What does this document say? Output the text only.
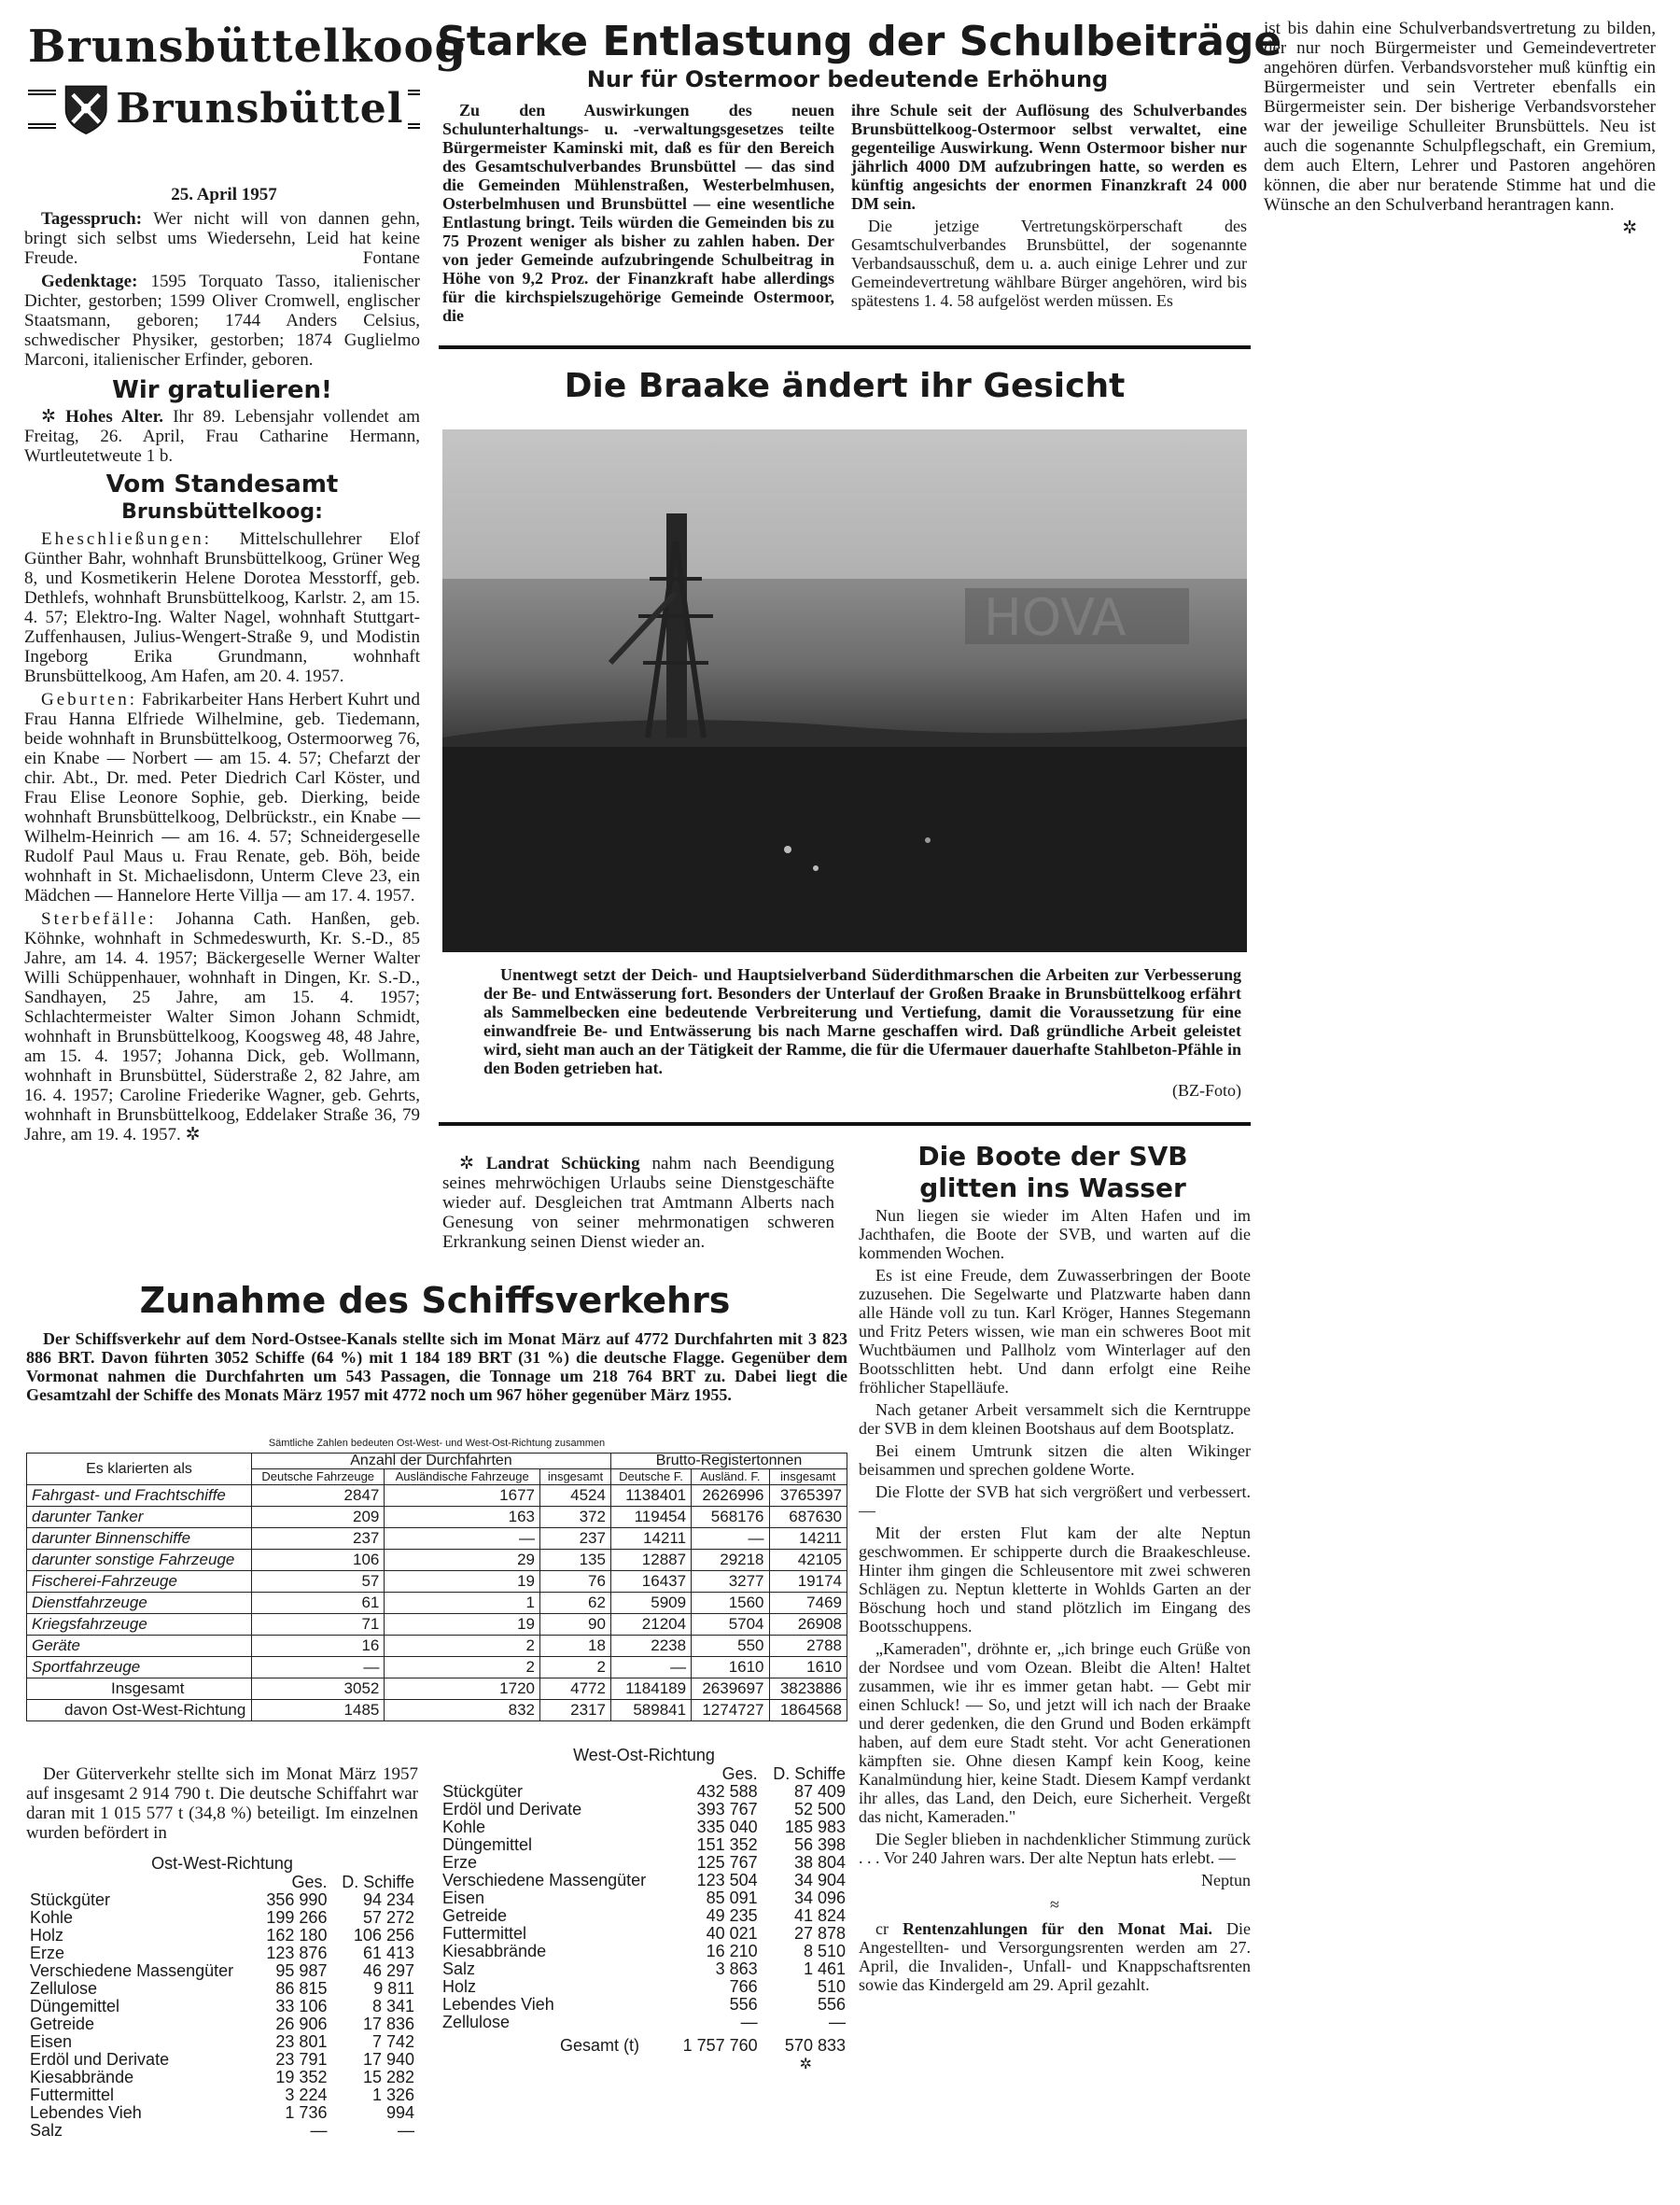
Brunsbüttelkoog
Brunsbüttel
25. April 1957

Tagesspruch: Wer nicht will von dannen gehn, bringt sich selbst ums Wiedersehn, Leid hat keine Freude.	Fontane

Gedenktage: 1595 Torquato Tasso, italienischer Dichter, gestorben; 1599 Oliver Cromwell, englischer Staatsmann, geboren; 1744 Anders Celsius, schwedischer Physiker, gestorben; 1874 Guglielmo Marconi, italienischer Erfinder, geboren.

Wir gratulieren!

✲ Hohes Alter. Ihr 89. Lebensjahr vollendet am Freitag, 26. April, Frau Catharine Hermann, Wurtleutetweute 1 b.

Vom Standesamt
Brunsbüttelkoog:

Eheschließungen: Mittelschullehrer Elof Günther Bahr, wohnhaft Brunsbüttelkoog, Grüner Weg 8, und Kosmetikerin Helene Dorotea Messtorff, geb. Dethlefs, wohnhaft Brunsbüttelkoog, Karlstr. 2, am 15. 4. 57; Elektro-Ing. Walter Nagel, wohnhaft Stuttgart-Zuffenhausen, Julius-Wengert-Straße 9, und Modistin Ingeborg Erika Grundmann, wohnhaft Brunsbüttelkoog, Am Hafen, am 20. 4. 1957.

Geburten: Fabrikarbeiter Hans Herbert Kuhrt und Frau Hanna Elfriede Wilhelmine, geb. Tiedemann, beide wohnhaft in Brunsbüttelkoog, Ostermoorweg 76, ein Knabe — Norbert — am 15. 4. 57; Chefarzt der chir. Abt., Dr. med. Peter Diedrich Carl Köster, und Frau Elise Leonore Sophie, geb. Dierking, beide wohnhaft Brunsbüttelkoog, Delbrückstr., ein Knabe — Wilhelm-Heinrich — am 16. 4. 57; Schneidergeselle Rudolf Paul Maus u. Frau Renate, geb. Böh, beide wohnhaft in St. Michaelisdonn, Unterm Cleve 23, ein Mädchen — Hannelore Herte Villja — am 17. 4. 1957.

Sterbefälle: Johanna Cath. Hanßen, geb. Köhnke, wohnhaft in Schmedeswurth, Kr. S.-D., 85 Jahre, am 14. 4. 1957; Bäckergeselle Werner Walter Willi Schüppenhauer, wohnhaft in Dingen, Kr. S.-D., Sandhayen, 25 Jahre, am 15. 4. 1957; Schlachtermeister Walter Simon Johann Schmidt, wohnhaft in Brunsbüttelkoog, Koogsweg 48, 48 Jahre, am 15. 4. 1957; Johanna Dick, geb. Wollmann, wohnhaft in Brunsbüttel, Süderstraße 2, 82 Jahre, am 16. 4. 1957; Caroline Friederike Wagner, geb. Gehrts, wohnhaft in Brunsbüttelkoog, Eddelaker Straße 36, 79 Jahre, am 19. 4. 1957. ✲

Starke Entlastung der Schulbeiträge
Nur für Ostermoor bedeutende Erhöhung

Zu den Auswirkungen des neuen Schulunterhaltungs- u. -verwaltungsgesetzes teilte Bürgermeister Kaminski mit, daß es für den Bereich des Gesamtschulverbandes Brunsbüttel — das sind die Gemeinden Mühlenstraßen, Westerbelmhusen, Osterbelmhusen und Brunsbüttel — eine wesentliche Entlastung bringt. Teils würden die Gemeinden bis zu 75 Prozent weniger als bisher zu zahlen haben. Der von jeder Gemeinde aufzubringende Schulbeitrag in Höhe von 9,2 Proz. der Finanzkraft habe allerdings für die kirchspielszugehörige Gemeinde Ostermoor, die

ihre Schule seit der Auflösung des Schulverbandes Brunsbüttelkoog-Ostermoor selbst verwaltet, eine gegenteilige Auswirkung. Wenn Ostermoor bisher nur jährlich 4000 DM aufzubringen hatte, so werden es künftig angesichts der enormen Finanzkraft 24 000 DM sein.

Die jetzige Vertretungskörperschaft des Gesamtschulverbandes Brunsbüttel, der sogenannte Verbandsausschuß, dem u. a. auch einige Lehrer und zur Gemeindevertretung wählbare Bürger angehören, wird bis spätestens 1. 4. 58 aufgelöst werden müssen. Es

ist bis dahin eine Schulverbandsvertretung zu bilden, der nur noch Bürgermeister und Gemeindevertreter angehören dürfen. Verbandsvorsteher muß künftig ein Bürgermeister und sein Vertreter ebenfalls ein Bürgermeister sein. Der bisherige Verbandsvorsteher war der jeweilige Schulleiter Brunsbüttels. Neu ist auch die sogenannte Schulpflegschaft, ein Gremium, dem auch Eltern, Lehrer und Pastoren angehören können, die aber nur beratende Stimme hat und die Wünsche an den Schulverband herantragen kann.

✲
Die Braake ändert ihr Gesicht
HOVA

Unentwegt setzt der Deich- und Hauptsielverband Süderdithmarschen die Arbeiten zur Verbesserung der Be- und Entwässerung fort. Besonders der Unterlauf der Großen Braake in Brunsbüttelkoog erfährt als Sammelbecken eine bedeutende Verbreiterung und Vertiefung, damit die Voraussetzung für eine einwandfreie Be- und Entwässerung bis nach Marne geschaffen wird. Daß gründliche Arbeit geleistet wird, sieht man auch an der Tätigkeit der Ramme, die für die Ufermauer dauerhafte Stahlbeton-Pfähle in den Boden getrieben hat.

(BZ-Foto)

✲ Landrat Schücking nahm nach Beendigung seines mehrwöchigen Urlaubs seine Dienstgeschäfte wieder auf. Desgleichen trat Amtmann Alberts nach Genesung von seiner mehrmonatigen schweren Erkrankung seinen Dienst wieder an.

Die Boote der SVB
glitten ins Wasser

Nun liegen sie wieder im Alten Hafen und im Jachthafen, die Boote der SVB, und warten auf die kommenden Wochen.

Es ist eine Freude, dem Zuwasserbringen der Boote zuzusehen. Die Segelwarte und Platzwarte haben dann alle Hände voll zu tun. Karl Kröger, Hannes Stegemann und Fritz Peters wissen, wie man ein schweres Boot mit Wuchtbäumen und Pallholz vom Winterlager auf den Bootsschlitten hebt. Und dann erfolgt eine Reihe fröhlicher Stapelläufe.

Nach getaner Arbeit versammelt sich die Kerntruppe der SVB in dem kleinen Bootshaus auf dem Bootsplatz.

Bei einem Umtrunk sitzen die alten Wikinger beisammen und sprechen goldene Worte.

Die Flotte der SVB hat sich vergrößert und verbessert. —

Mit der ersten Flut kam der alte Neptun geschwommen. Er schipperte durch die Braakeschleuse. Hinter ihm gingen die Schleusentore mit zwei schweren Schlägen zu. Neptun kletterte in Wohlds Garten an der Böschung hoch und stand plötzlich im Eingang des Bootsschuppens.

„Kameraden", dröhnte er, „ich bringe euch Grüße von der Nordsee und vom Ozean. Bleibt die Alten! Haltet zusammen, wie ihr es immer getan habt. — Gebt mir einen Schluck! — So, und jetzt will ich nach der Braake und derer gedenken, die den Grund und Boden erkämpft haben, auf dem eure Stadt steht. Vor acht Generationen kämpften sie. Ohne diesen Kampf kein Koog, keine Kanalmündung hier, keine Stadt. Diesem Kampf verdankt ihr alles, das Land, den Deich, eure Sicherheit. Vergeßt das nicht, Kameraden."

Die Segler blieben in nachdenklicher Stimmung zurück . . . Vor 240 Jahren wars. Der alte Neptun hats erlebt. —

Neptun
≈

cr Rentenzahlungen für den Monat Mai. Die Angestellten- und Versorgungsrenten werden am 27. April, die Invaliden-, Unfall- und Knappschaftsrenten sowie das Kindergeld am 29. April gezahlt.

Zunahme des Schiffsverkehrs

Der Schiffsverkehr auf dem Nord-Ostsee-Kanals stellte sich im Monat März auf 4772 Durchfahrten mit 3 823 886 BRT. Davon führten 3052 Schiffe (64 %) mit 1 184 189 BRT (31 %) die deutsche Flagge. Gegenüber dem Vormonat nahmen die Durchfahrten um 543 Passagen, die Tonnage um 218 764 BRT zu. Dabei liegt die Gesamtzahl der Schiffe des Monats März 1957 mit 4772 noch um 967 höher gegenüber März 1955.

Sämtliche Zahlen bedeuten Ost-West- und West-Ost-Richtung zusammen
Es klarierten als	Anzahl der Durchfahrten			Brutto-Registertonnen		
	Deutsche Fahrzeuge	Ausländische Fahrzeuge	insgesamt	Deutsche F.	Ausländ. F.	insgesamt
Fahrgast- und Frachtschiffe	2847	1677	4524	1138401	2626996	3765397
darunter Tanker	209	163	372	119454	568176	687630
darunter Binnenschiffe	237	—	237	14211	—	14211
darunter sonstige Fahrzeuge	106	29	135	12887	29218	42105
Fischerei-Fahrzeuge	57	19	76	16437	3277	19174
Dienstfahrzeuge	61	1	62	5909	1560	7469
Kriegsfahrzeuge	71	19	90	21204	5704	26908
Geräte	16	2	18	2238	550	2788
Sportfahrzeuge	—	2	2	—	1610	1610
Insgesamt	3052	1720	4772	1184189	2639697	3823886
davon Ost-West-Richtung	1485	832	2317	589841	1274727	1864568

Der Güterverkehr stellte sich im Monat März 1957 auf insgesamt 2 914 790 t. Die deutsche Schiffahrt war daran mit 1 015 577 t (34,8 %) beteiligt. Im einzelnen wurden befördert in

Ost-West-Richtung
	Ges.	D. Schiffe
Stückgüter	356 990	94 234
Kohle	199 266	57 272
Holz	162 180	106 256
Erze	123 876	61 413
Verschiedene Massengüter	95 987	46 297
Zellulose	86 815	9 811
Düngemittel	33 106	8 341
Getreide	26 906	17 836
Eisen	23 801	7 742
Erdöl und Derivate	23 791	17 940
Kiesabbrände	19 352	15 282
Futtermittel	3 224	1 326
Lebendes Vieh	1 736	994
Salz	—	—
West-Ost-Richtung
	Ges.	D. Schiffe
Stückgüter	432 588	87 409
Erdöl und Derivate	393 767	52 500
Kohle	335 040	185 983
Düngemittel	151 352	56 398
Erze	125 767	38 804
Verschiedene Massengüter	123 504	34 904
Eisen	85 091	34 096
Getreide	49 235	41 824
Futtermittel	40 021	27 878
Kiesabbrände	16 210	8 510
Salz	3 863	1 461
Holz	766	510
Lebendes Vieh	556	556
Zellulose	—	—
Gesamt (t)	1 757 760	570 833
✲
